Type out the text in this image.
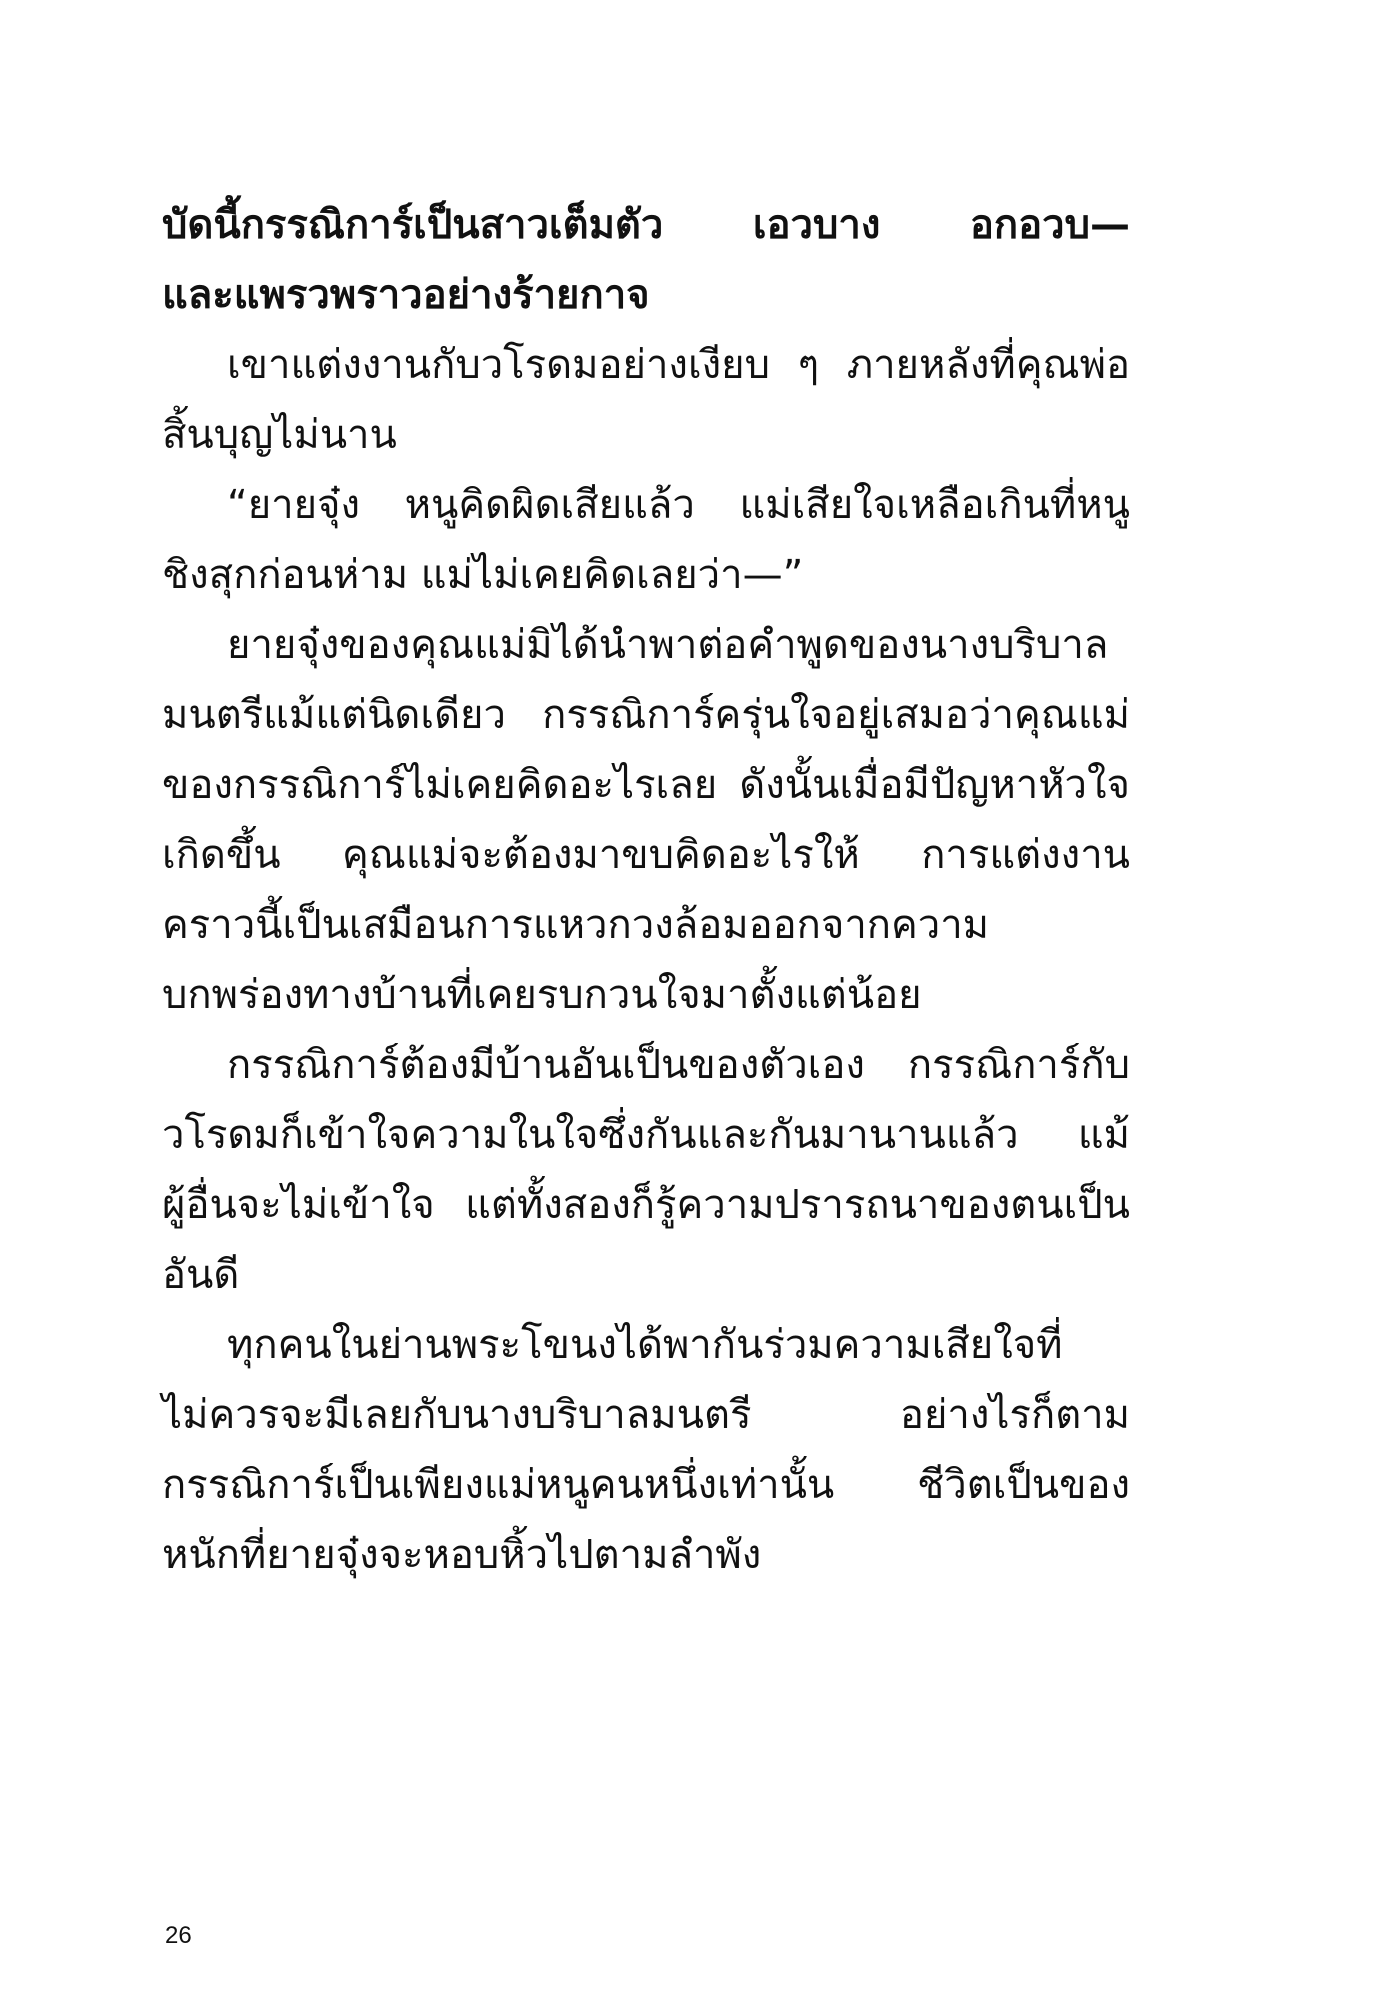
บัดนี้กรรณิการ์เป็นสาวเต็มตัว เอวบาง อกอวบ—
และแพรวพราวอย่างร้ายกาจ
เขาแต่งงานกับวโรดมอย่างเงียบ ๆ ภายหลังที่คุณพ่อ
สิ้นบุญไม่นาน
“ยายจุ๋ง หนูคิดผิดเสียแล้ว แม่เสียใจเหลือเกินที่หนู
ชิงสุกก่อนห่าม แม่ไม่เคยคิดเลยว่า—”
ยายจุ๋งของคุณแม่มิได้นำพาต่อคำพูดของนางบริบาล
มนตรีแม้แต่นิดเดียว กรรณิการ์ครุ่นใจอยู่เสมอว่าคุณแม่
ของกรรณิการ์ไม่เคยคิดอะไรเลย ดังนั้นเมื่อมีปัญหาหัวใจ
เกิดขึ้น คุณแม่จะต้องมาขบคิดอะไรให้ การแต่งงาน
คราวนี้เป็นเสมือนการแหวกวงล้อมออกจากความ
บกพร่องทางบ้านที่เคยรบกวนใจมาตั้งแต่น้อย
กรรณิการ์ต้องมีบ้านอันเป็นของตัวเอง กรรณิการ์กับ
วโรดมก็เข้าใจความในใจซึ่งกันและกันมานานแล้ว แม้
ผู้อื่นจะไม่เข้าใจ แต่ทั้งสองก็รู้ความปรารถนาของตนเป็น
อันดี
ทุกคนในย่านพระโขนงได้พากันร่วมความเสียใจที่
ไม่ควรจะมีเลยกับนางบริบาลมนตรี อย่างไรก็ตาม
กรรณิการ์เป็นเพียงแม่หนูคนหนึ่งเท่านั้น ชีวิตเป็นของ
หนักที่ยายจุ๋งจะหอบหิ้วไปตามลำพัง
26
